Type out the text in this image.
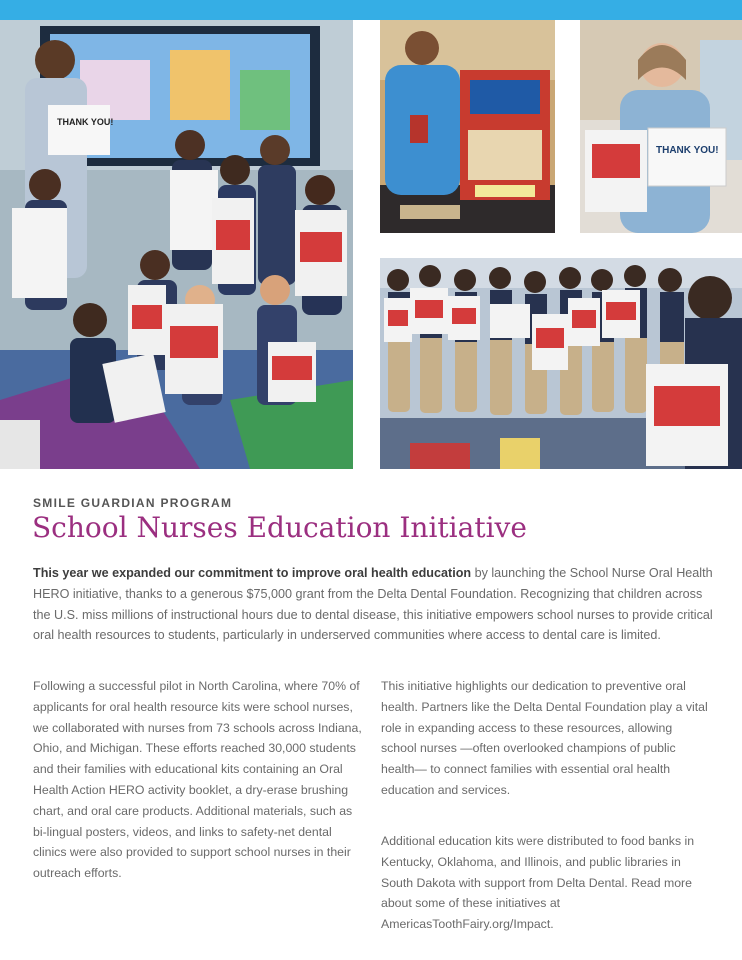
THANK YOU!
THANK YOU!
SMILE GUARDIAN PROGRAM
School Nurses Education Initiative

This year we expanded our commitment to improve oral health education by launching the School Nurse Oral Health HERO initiative, thanks to a generous $75,000 grant from the Delta Dental Foundation. Recognizing that children across the U.S. miss millions of instructional hours due to dental disease, this initiative empowers school nurses to provide critical oral health resources to students, particularly in underserved communities where access to dental care is limited.

Following a successful pilot in North Carolina, where 70% of applicants for oral health resource kits were school nurses, we collaborated with nurses from 73 schools across Indiana, Ohio, and Michigan. These efforts reached 30,000 students and their families with educational kits containing an Oral Health Action HERO activity booklet, a dry-erase brushing chart, and oral care products. Additional materials, such as bi-lingual posters, videos, and links to safety-net dental clinics were also provided to support school nurses in their outreach efforts.

This initiative highlights our dedication to preventive oral health. Partners like the Delta Dental Foundation play a vital role in expanding access to these resources, allowing school nurses —often overlooked champions of public health— to connect families with essential oral health education and services.

Additional education kits were distributed to food banks in Kentucky, Oklahoma, and Illinois, and public libraries in South Dakota with support from Delta Dental. Read more about some of these initiatives at AmericasToothFairy.org/Impact.
